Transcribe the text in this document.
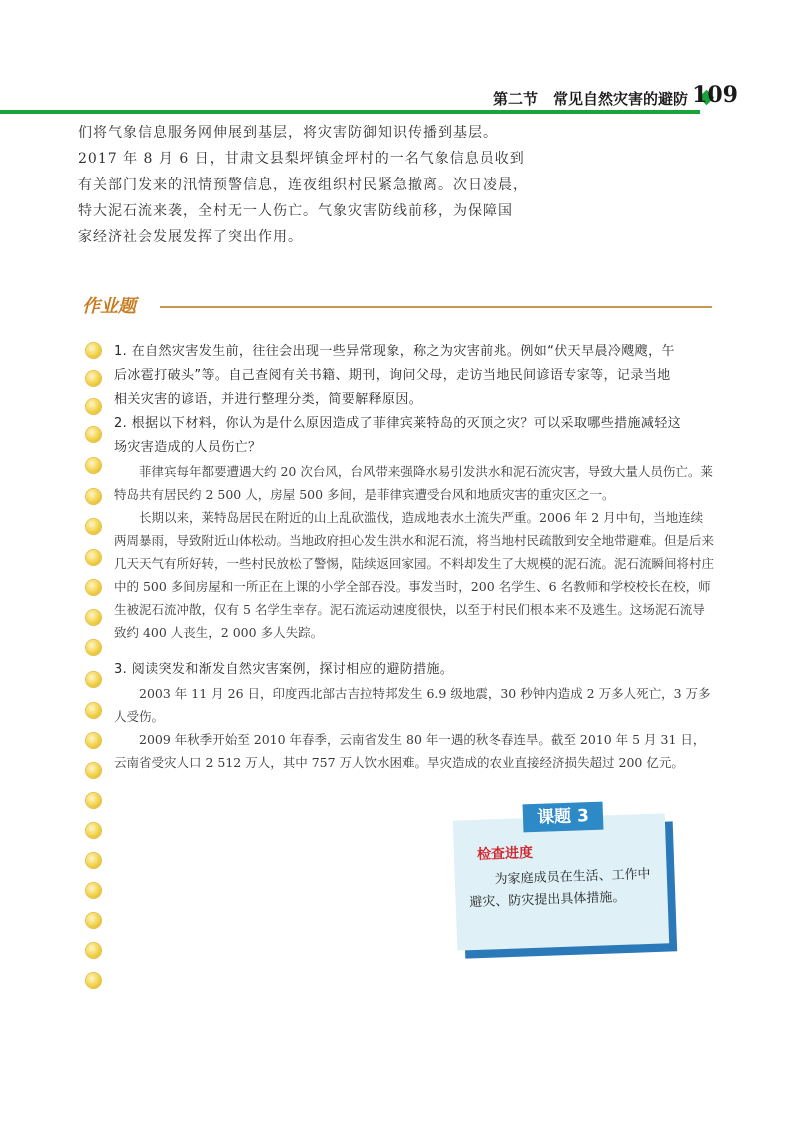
第二节　常见自然灾害的避防 109

们将气象信息服务网伸展到基层，将灾害防御知识传播到基层。

2017 年 8 月 6 日，甘肃文县梨坪镇金坪村的一名气象信息员收到

有关部门发来的汛情预警信息，连夜组织村民紧急撤离。次日凌晨，

特大泥石流来袭，全村无一人伤亡。气象灾害防线前移，为保障国

家经济社会发展发挥了突出作用。

作业题

1. 在自然灾害发生前，往往会出现一些异常现象，称之为灾害前兆。例如“伏天早晨冷飕飕，午

后冰雹打破头”等。自己查阅有关书籍、期刊，询问父母，走访当地民间谚语专家等，记录当地

相关灾害的谚语，并进行整理分类，简要解释原因。

2. 根据以下材料，你认为是什么原因造成了菲律宾莱特岛的灭顶之灾？可以采取哪些措施减轻这

场灾害造成的人员伤亡？

菲律宾每年都要遭遇大约 20 次台风，台风带来强降水易引发洪水和泥石流灾害，导致大量人员伤亡。莱特岛共有居民约 2 500 人，房屋 500 多间，是菲律宾遭受台风和地质灾害的重灾区之一。

长期以来，莱特岛居民在附近的山上乱砍滥伐，造成地表水土流失严重。2006 年 2 月中旬，当地连续两周暴雨，导致附近山体松动。当地政府担心发生洪水和泥石流，将当地村民疏散到安全地带避难。但是后来几天天气有所好转，一些村民放松了警惕，陆续返回家园。不料却发生了大规模的泥石流。泥石流瞬间将村庄中的 500 多间房屋和一所正在上课的小学全部吞没。事发当时，200 名学生、6 名教师和学校校长在校，师生被泥石流冲散，仅有 5 名学生幸存。泥石流运动速度很快，以至于村民们根本来不及逃生。这场泥石流导致约 400 人丧生，2 000 多人失踪。

3. 阅读突发和渐发自然灾害案例，探讨相应的避防措施。

2003 年 11 月 26 日，印度西北部古吉拉特邦发生 6.9 级地震，30 秒钟内造成 2 万多人死亡，3 万多人受伤。

2009 年秋季开始至 2010 年春季，云南省发生 80 年一遇的秋冬春连旱。截至 2010 年 5 月 31 日，云南省受灾人口 2 512 万人，其中 757 万人饮水困难。旱灾造成的农业直接经济损失超过 200 亿元。

课题 3
检查进度
为家庭成员在生活、工作中避灾、防灾提出具体措施。
